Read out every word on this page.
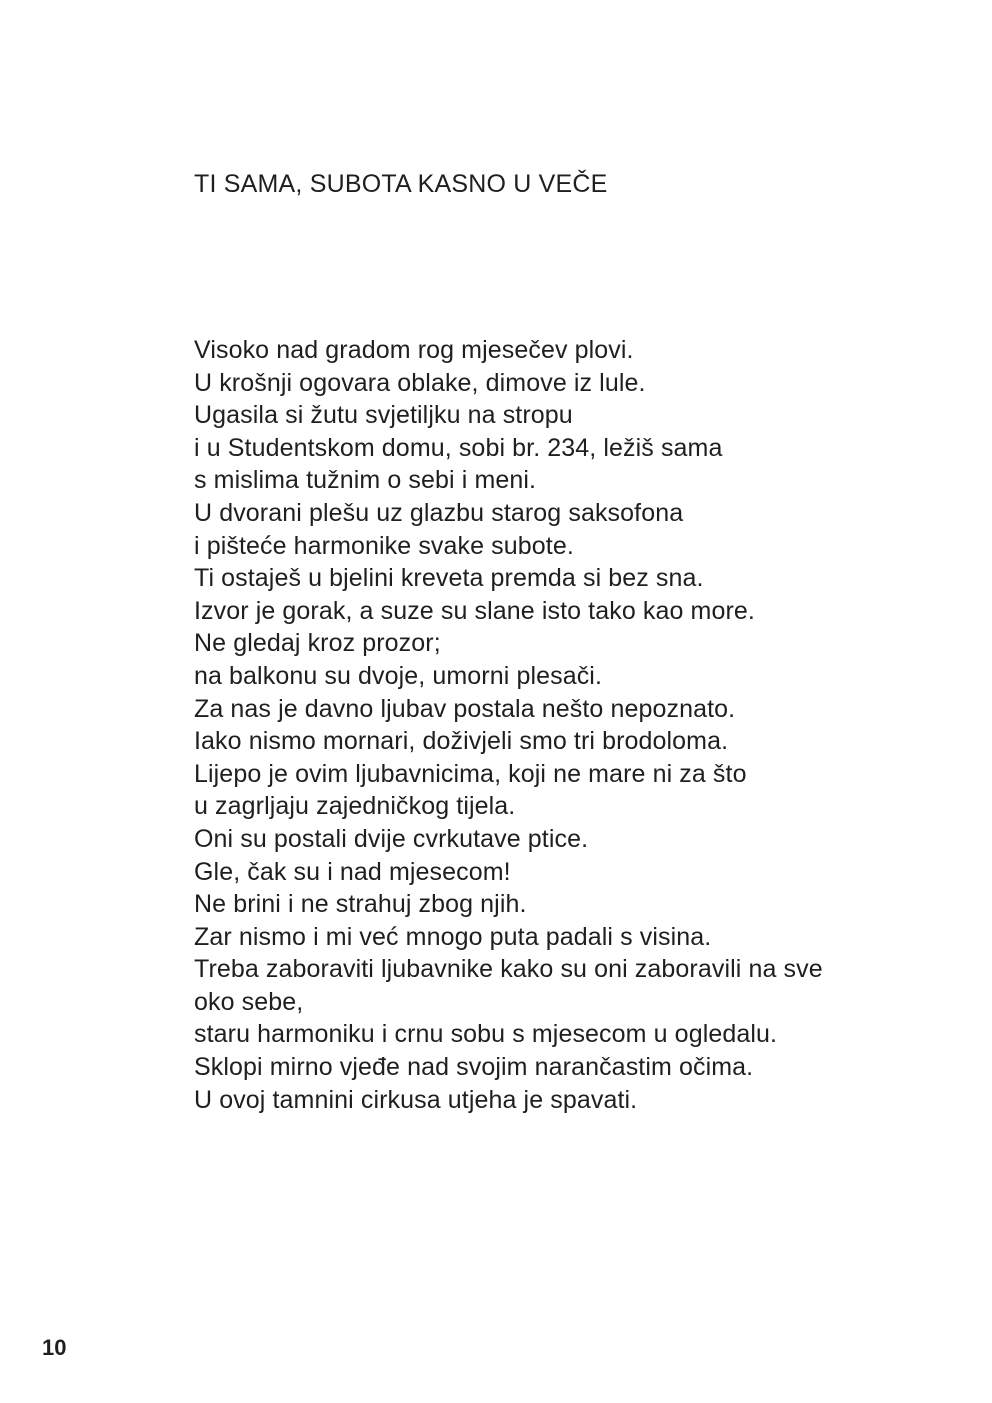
TI SAMA, SUBOTA KASNO U VEČE
Visoko nad gradom rog mjesečev plovi.
U krošnji ogovara oblake, dimove iz lule.
Ugasila si žutu svjetiljku na stropu
i u Studentskom domu, sobi br. 234, ležiš sama
s mislima tužnim o sebi i meni.
U dvorani plešu uz glazbu starog saksofona
i pišteće harmonike svake subote.
Ti ostaješ u bjelini kreveta premda si bez sna.
Izvor je gorak, a suze su slane isto tako kao more.
Ne gledaj kroz prozor;
na balkonu su dvoje, umorni plesači.
Za nas je davno ljubav postala nešto nepoznato.
Iako nismo mornari, doživjeli smo tri brodoloma.
Lijepo je ovim ljubavnicima, koji ne mare ni za što
u zagrljaju zajedničkog tijela.
Oni su postali dvije cvrkutave ptice.
Gle, čak su i nad mjesecom!
Ne brini i ne strahuj zbog njih.
Zar nismo i mi već mnogo puta padali s visina.
Treba zaboraviti ljubavnike kako su oni zaboravili na sve
oko sebe,
staru harmoniku i crnu sobu s mjesecom u ogledalu.
Sklopi mirno vjeđe nad svojim narančastim očima.
U ovoj tamnini cirkusa utjeha je spavati.
10
